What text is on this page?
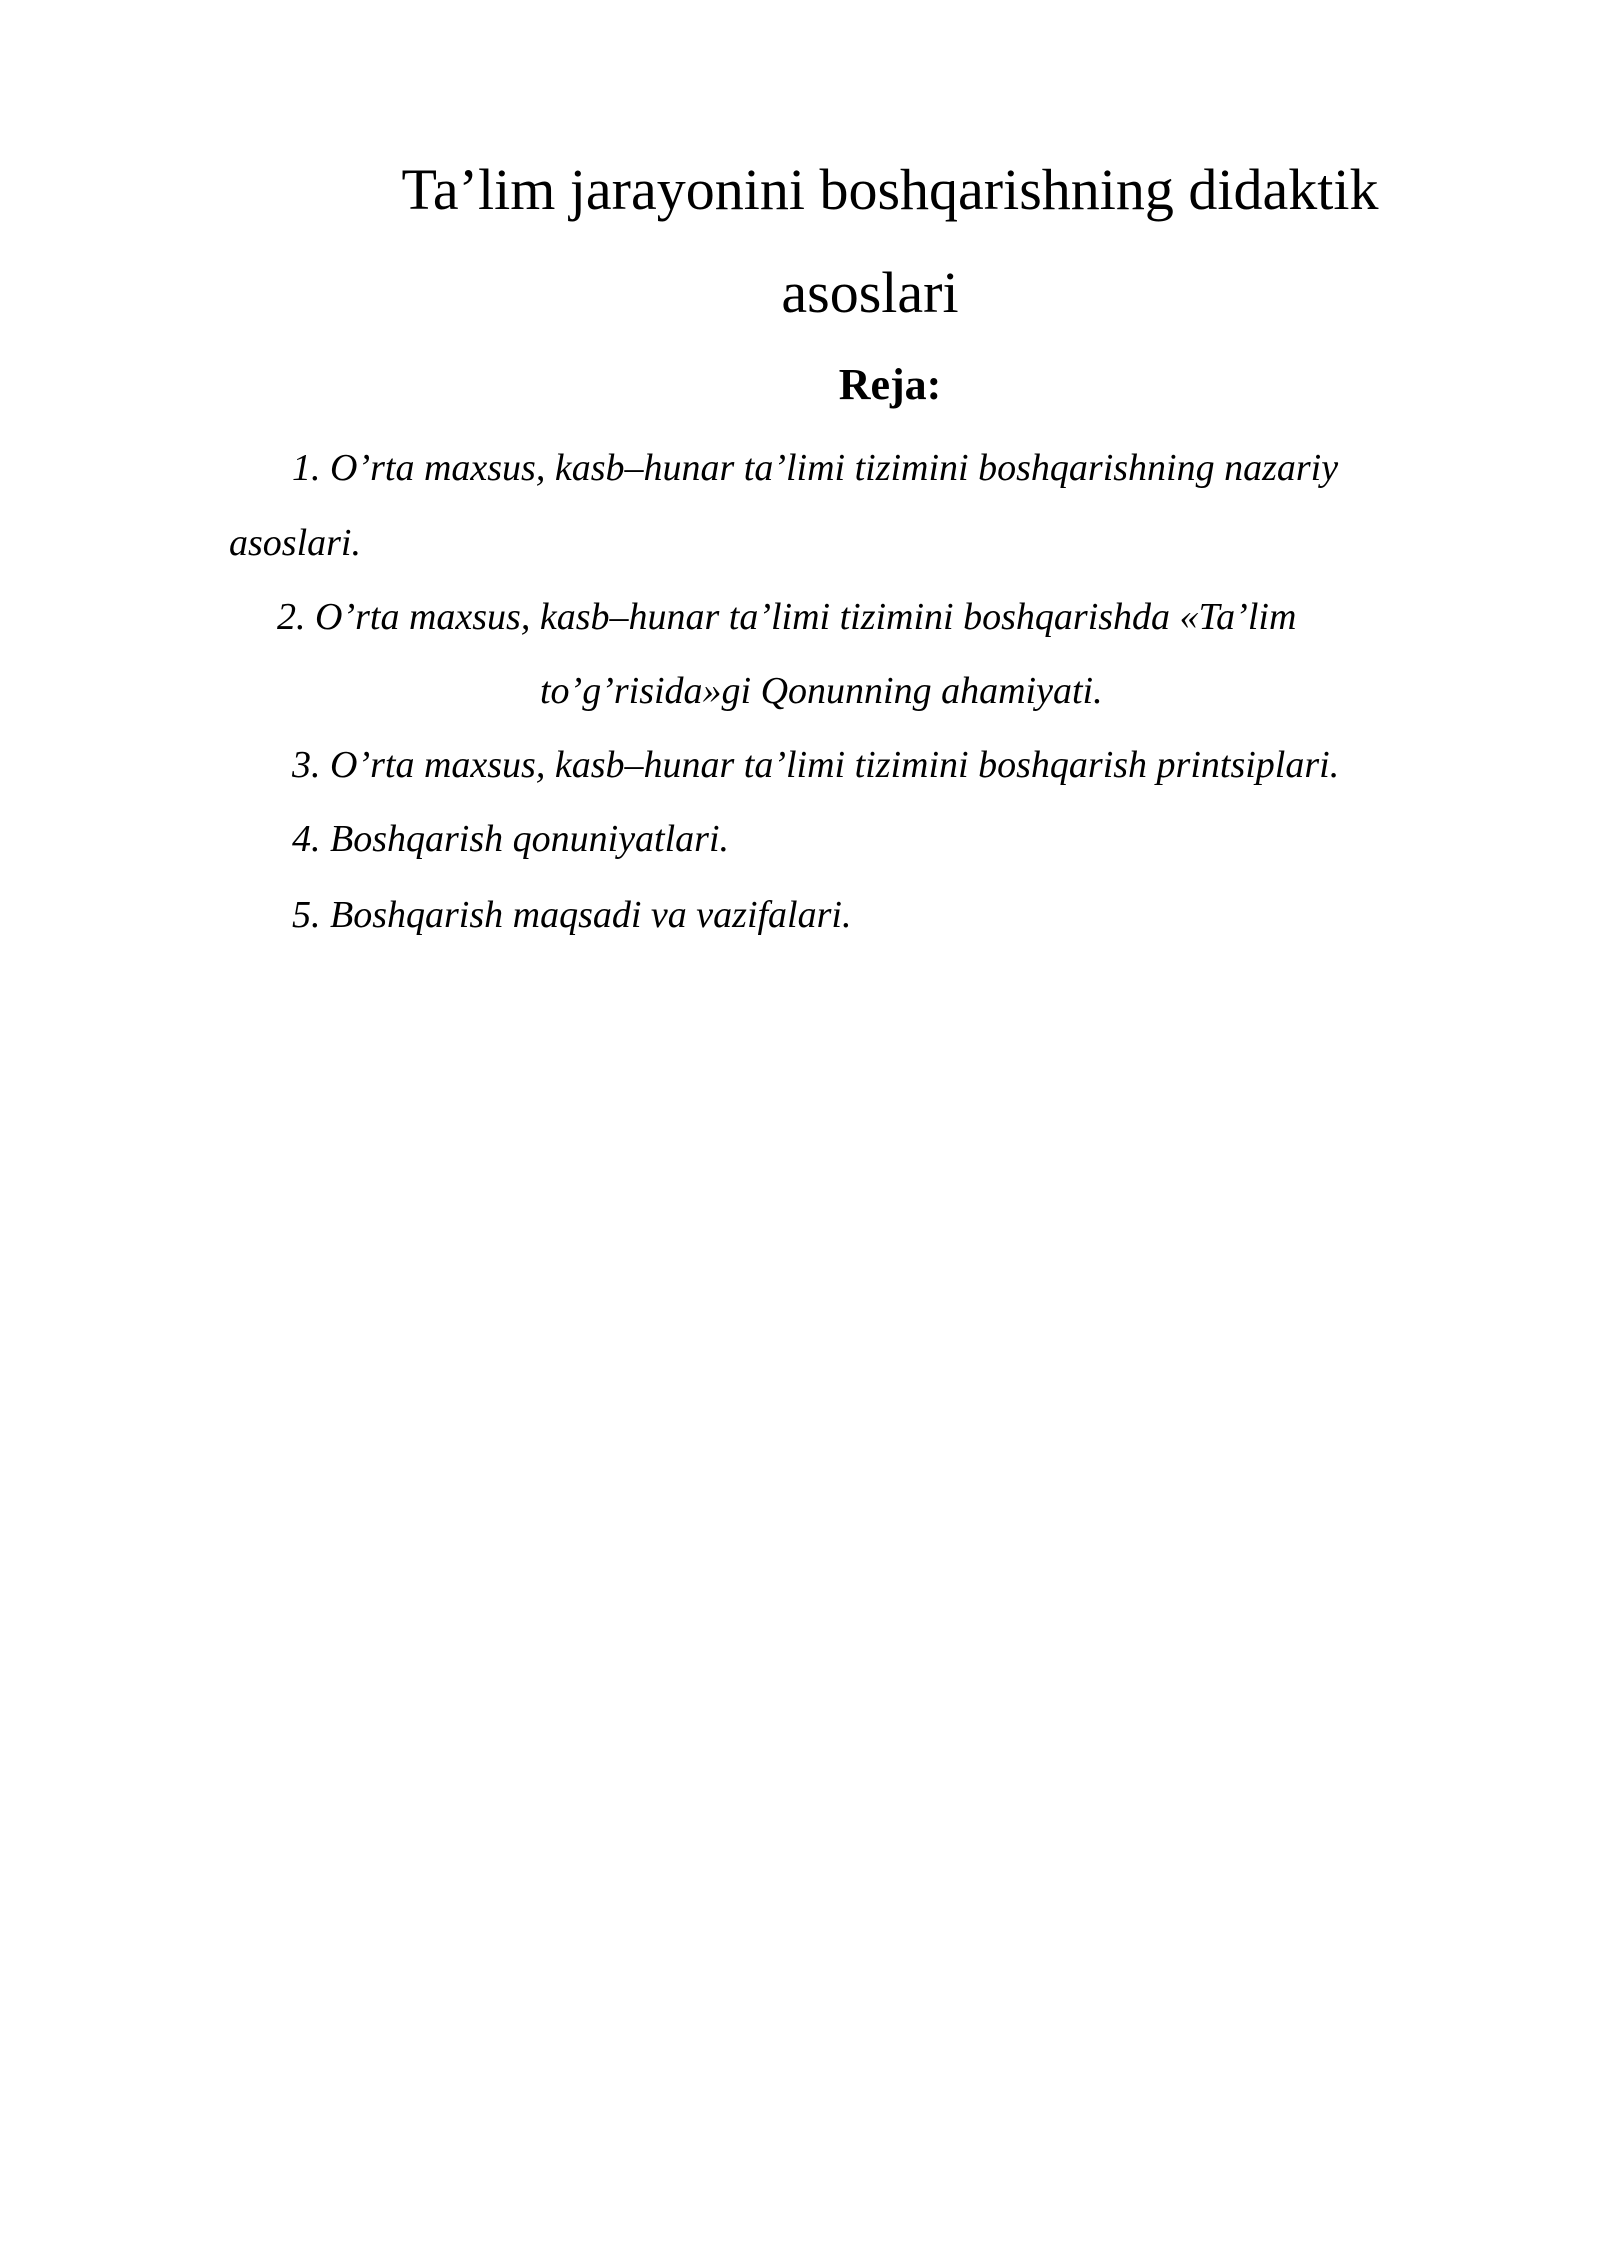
Ta’lim jarayonini boshqarishning didaktik
asoslari
Reja:

1. O’rta maxsus, kasb–hunar ta’limi tizimini boshqarishning nazariy

asoslari.

2. O’rta maxsus, kasb–hunar ta’limi tizimini boshqarishda «Ta’lim

to’g’risida»gi Qonunning ahamiyati.

3. O’rta maxsus, kasb–hunar ta’limi tizimini boshqarish printsiplari.

4. Boshqarish qonuniyatlari.

5. Boshqarish maqsadi va vazifalari.
